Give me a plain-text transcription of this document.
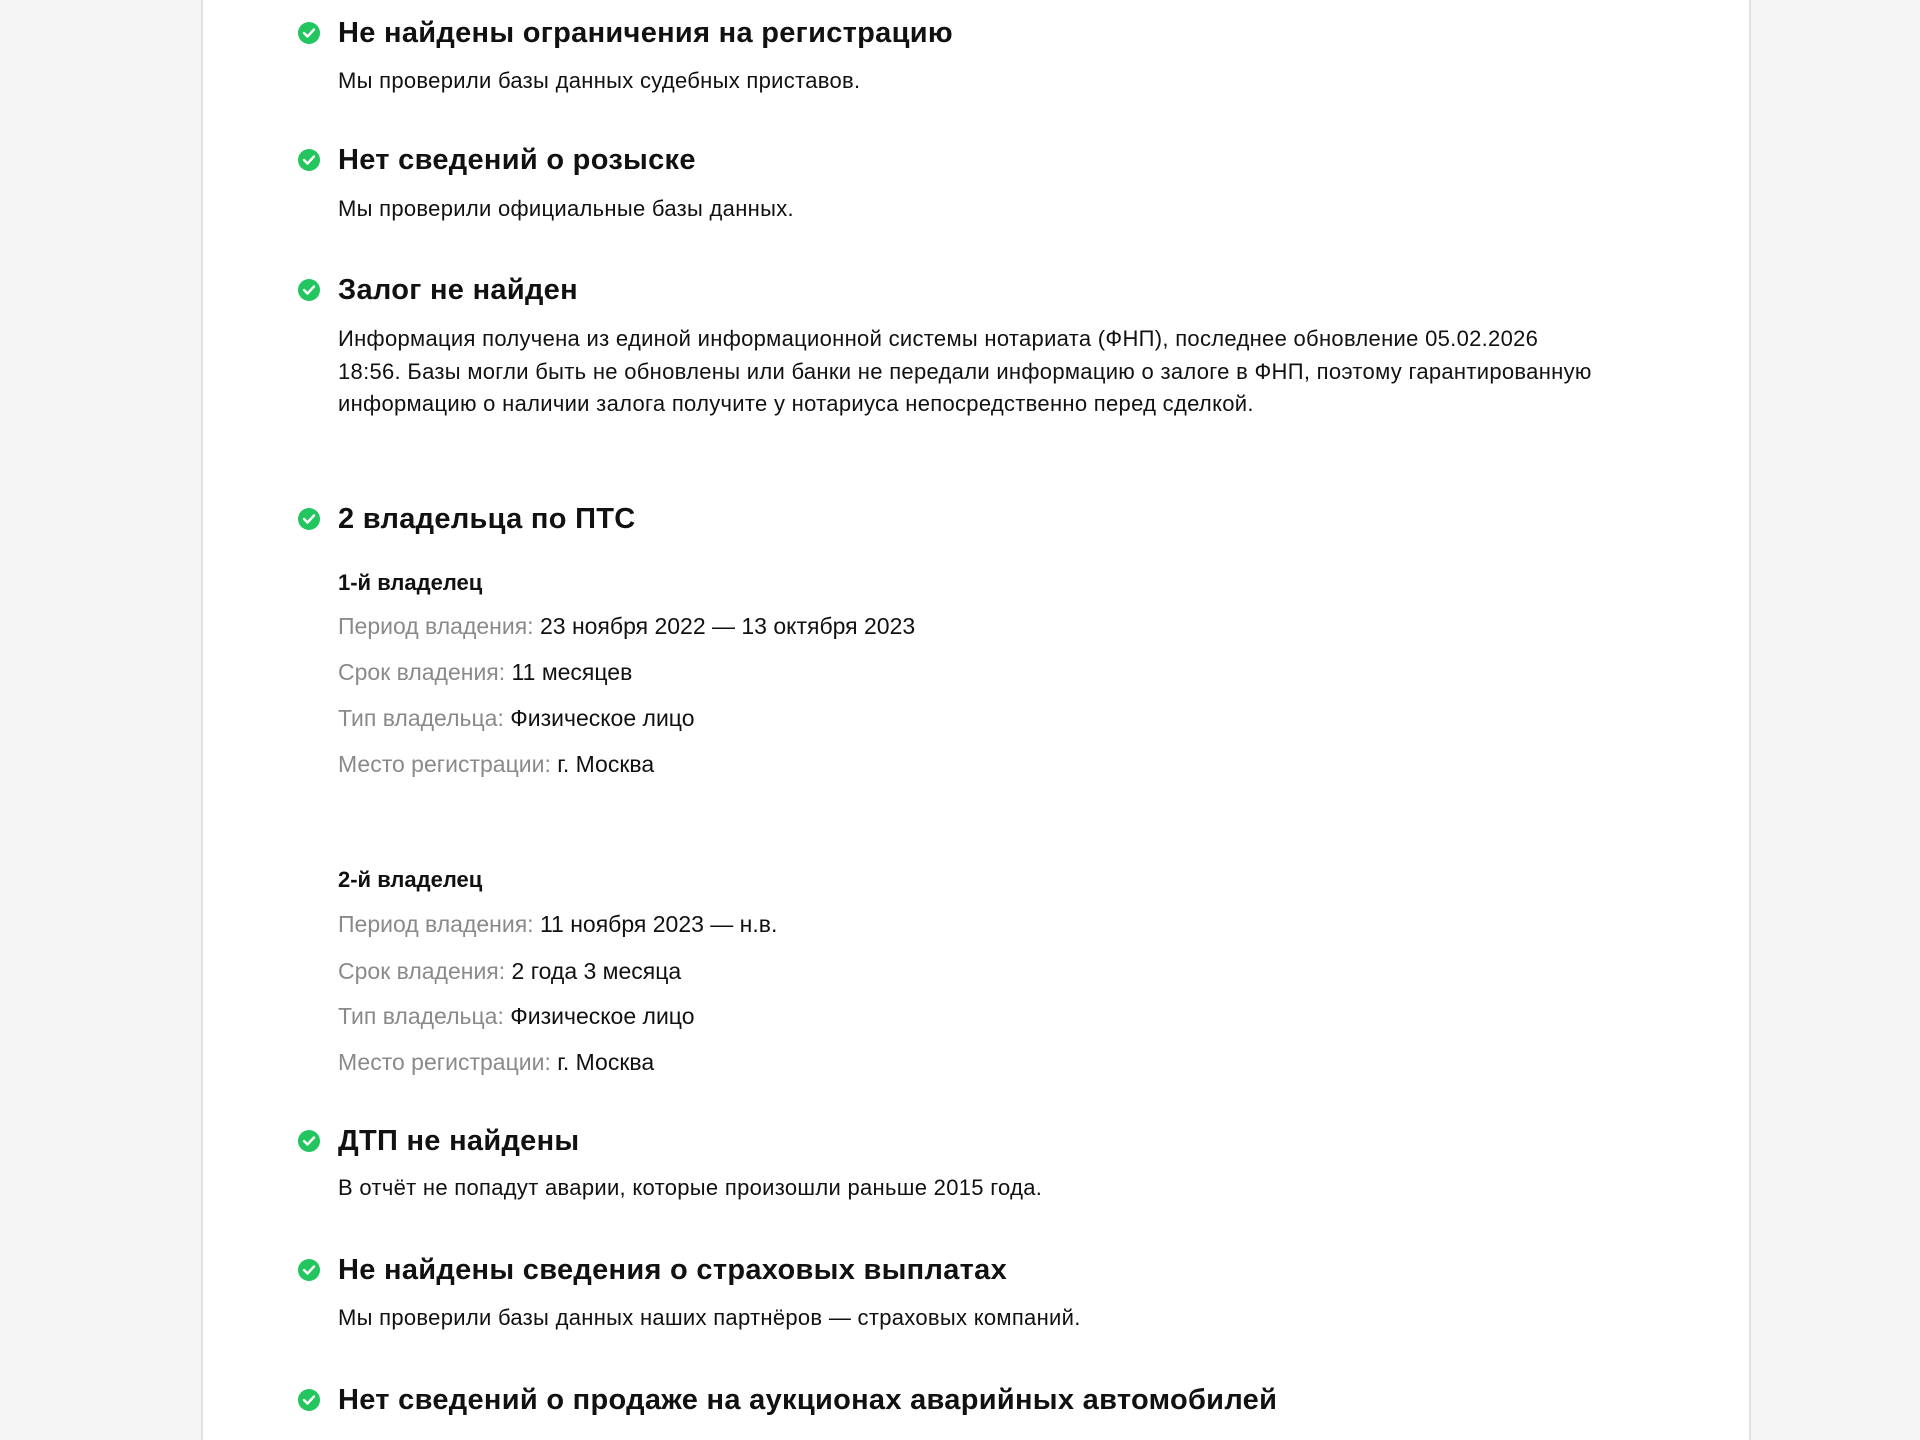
Не найдены ограничения на регистрацию
Мы проверили базы данных судебных приставов.
Нет сведений о розыске
Мы проверили официальные базы данных.
Залог не найден
Информация получена из единой информационной системы нотариата (ФНП), последнее обновление 05.02.2026 18:56. Базы могли быть не обновлены или банки не передали информацию о залоге в ФНП, поэтому гарантированную информацию о наличии залога получите у нотариуса непосредственно перед сделкой.
2 владельца по ПТС
ДТП не найдены
В отчёт не попадут аварии, которые произошли раньше 2015 года.
Не найдены сведения о страховых выплатах
Мы проверили базы данных наших партнёров — страховых компаний.
Нет сведений о продаже на аукционах аварийных автомобилей
1-й владелец
Период владения: 23 ноября 2022 — 13 октября 2023
Срок владения: 11 месяцев
Тип владельца: Физическое лицо
Место регистрации: г. Москва
2-й владелец
Период владения: 11 ноября 2023 — н.в.
Срок владения: 2 года 3 месяца
Тип владельца: Физическое лицо
Место регистрации: г. Москва
